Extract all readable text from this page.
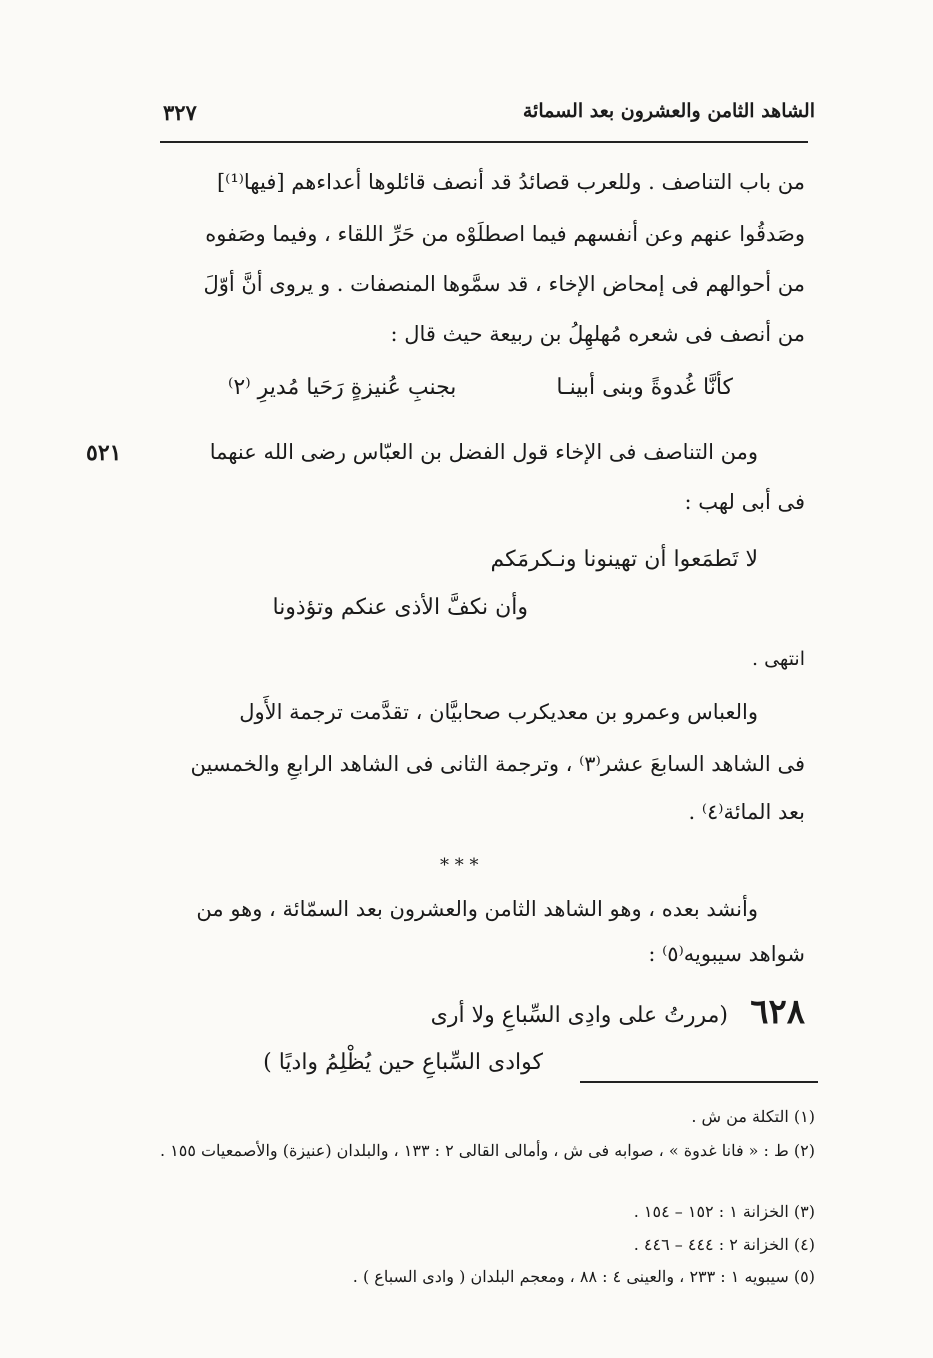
الشاهد الثامن والعشرون بعد السمائة
٣٢٧
٥٢١
من باب التناصف . وللعرب قصائدُ قد أنصف قائلوها أعداءهم [فيها⁽¹⁾]
وصَدقُوا عنهم وعن أنفسهم فيما اصطلَوْه من حَرِّ اللقاء ، وفيما وصَفوه
من أحوالهم فى إمحاض الإخاء ، قد سمَّوها المنصفات . و يروى أنَّ أوّلَ
من أنصف فى شعره مُهلهِلُ بن ربيعة حيث قال :
كأنَّا غُدوةً وبنى أبينـا
بجنبِ عُنيزةٍ رَحَيا مُديرِ ⁽٢⁾
ومن التناصف فى الإخاء قول الفضل بن العبّاس رضى الله عنهما
فى أبى لهب :
لا تَطمَعوا أن تهينونا ونـكرمَكم
وأن نكفَّ الأذى عنكم وتؤذونا
انتهى .
والعباس وعمرو بن معديكرب صحابيَّان ، تقدَّمت ترجمة الأَول
فى الشاهد السابعَ عشر⁽٣⁾ ، وترجمة الثانى فى الشاهد الرابعِ والخمسين
بعد المائة⁽٤⁾ .
* * *
وأنشد بعده ، وهو الشاهد الثامن والعشرون بعد السمّائة ، وهو من
شواهد سيبويه⁽٥⁾ :
٦٢٨
(مررتُ على وادِى السِّباعِ ولا أرى
كوادى السِّباعِ حين يُظْلِمُ واديًا )
(١) التكلة من ش .
(٢) ط : « فانا غدوة » ، صوابه فى ش ، وأمالى القالى ٢ : ١٣٣ ، والبلدان (عنيزة) والأصمعيات ١٥٥ .
(٣) الخزانة ١ : ١٥٢ – ١٥٤ .
(٤) الخزانة ٢ : ٤٤٤ – ٤٤٦ .
(٥) سيبويه ١ : ٢٣٣ ، والعينى ٤ : ٨٨ ، ومعجم البلدان ( وادى السباع ) .
